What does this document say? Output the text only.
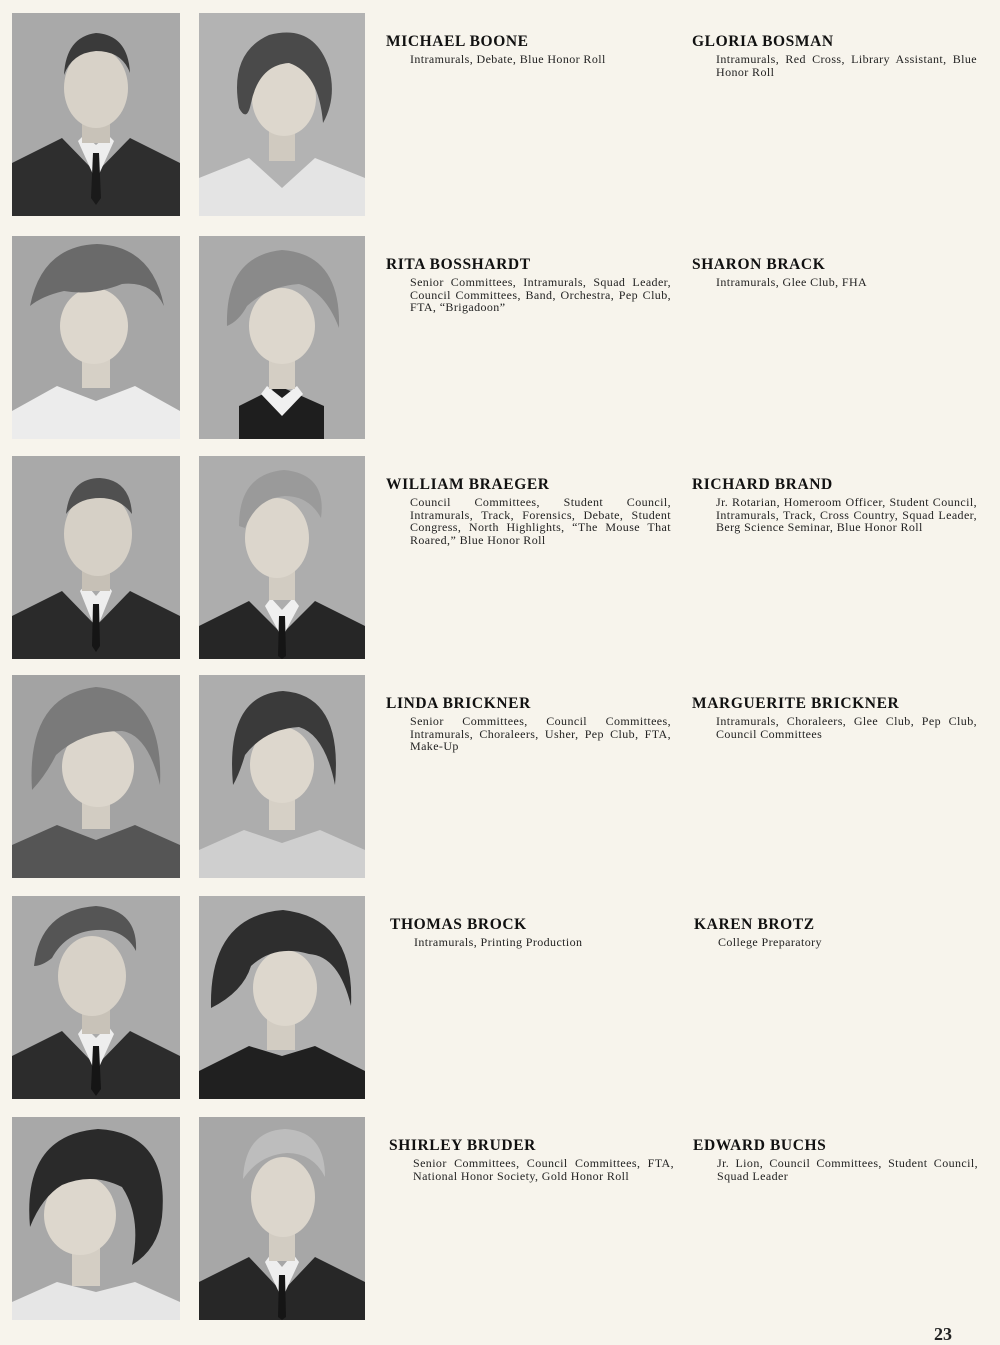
MICHAEL BOONE
Intramurals, Debate, Blue Honor Roll
GLORIA BOSMAN
Intramurals, Red Cross, Library Assistant, Blue Honor Roll
RITA BOSSHARDT
Senior Committees, Intramurals, Squad Leader, Council Committees, Band, Orchestra, Pep Club, FTA, “Brigadoon”
SHARON BRACK
Intramurals, Glee Club, FHA
WILLIAM BRAEGER
Council Committees, Student Council, Intramurals, Track, Forensics, Debate, Student Congress, North Highlights, “The Mouse That Roared,” Blue Honor Roll
RICHARD BRAND
Jr. Rotarian, Homeroom Officer, Student Council, Intramurals, Track, Cross Country, Squad Leader, Berg Science Seminar, Blue Honor Roll
LINDA BRICKNER
Senior Committees, Council Committees, Intramurals, Choraleers, Usher, Pep Club, FTA, Make-Up
MARGUERITE BRICKNER
Intramurals, Choraleers, Glee Club, Pep Club, Council Committees
THOMAS BROCK
Intramurals, Printing Production
KAREN BROTZ
College Preparatory
SHIRLEY BRUDER
Senior Committees, Council Committees, FTA, National Honor Society, Gold Honor Roll
EDWARD BUCHS
Jr. Lion, Council Committees, Student Council, Squad Leader
23
